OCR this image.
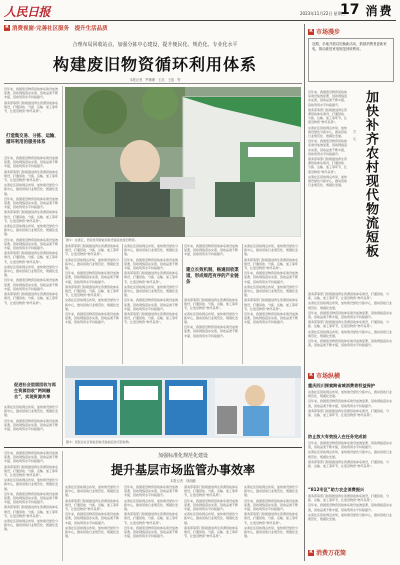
人民日报	2023年11月22日 星期三
17 消费
R 消费视窗·完善社区服务　提升生活品质
合理布局回收站点，加强分拣中心建设，提升便民化、规范化、专业化水平
构建废旧物资循环利用体系
本报记者　罗珊珊　王浩　王振　等

近年来，我国废旧物资回收体系建设成效显著，回收网络逐步完善，回收品类不断丰富，回收利用水平持续提升。

商务部等部门积极推进再生资源回收体系建设，打通回收、分拣、运输、加工等环节，让废旧物资“物尽其用”。

打造集交易、分拣、运输、循环利用的服务体系

近年来，我国废旧物资回收体系建设成效显著，回收网络逐步完善，回收品类不断丰富，回收利用水平持续提升。

商务部等部门积极推进再生资源回收体系建设，打通回收、分拣、运输、加工等环节，让废旧物资“物尽其用”。

完善社区回收网点布局，加快建设绿色分拣中心，推动回收行业规范化、规模化发展。

近年来，我国废旧物资回收体系建设成效显著，回收网络逐步完善，回收品类不断丰富，回收利用水平持续提升。

商务部等部门积极推进再生资源回收体系建设，打通回收、分拣、运输、加工等环节，让废旧物资“物尽其用”。

完善社区回收网点布局，加快建设绿色分拣中心，推动回收行业规范化、规模化发展。

近年来，我国废旧物资回收体系建设成效显著，回收网络逐步完善，回收品类不断丰富，回收利用水平持续提升。

商务部等部门积极推进再生资源回收体系建设，打通回收、分拣、运输、加工等环节，让废旧物资“物尽其用”。

完善社区回收网点布局，加快建设绿色分拣中心，推动回收行业规范化、规模化发展。

近年来，我国废旧物资回收体系建设成效显著，回收网络逐步完善，回收品类不断丰富，回收利用水平持续提升。

商务部等部门积极推进再生资源回收体系建设，打通回收、分拣、运输、加工等环节，让废旧物资“物尽其用”。

促进社会层面回收与再生资源回收“两网融合”，实现资源共享

完善社区回收网点布局，加快建设绿色分拣中心，推动回收行业规范化、规模化发展。

近年来，我国废旧物资回收体系建设成效显著，回收网络逐步完善，回收品类不断丰富，回收利用水平持续提升。

图①：在浙江，居民使用智能回收设备投放废旧物资。

商务部等部门积极推进再生资源回收体系建设，打通回收、分拣、运输、加工等环节，让废旧物资“物尽其用”。

完善社区回收网点布局，加快建设绿色分拣中心，推动回收行业规范化、规模化发展。

近年来，我国废旧物资回收体系建设成效显著，回收网络逐步完善，回收品类不断丰富，回收利用水平持续提升。

商务部等部门积极推进再生资源回收体系建设，打通回收、分拣、运输、加工等环节，让废旧物资“物尽其用”。

完善社区回收网点布局，加快建设绿色分拣中心，推动回收行业规范化、规模化发展。

近年来，我国废旧物资回收体系建设成效显著，回收网络逐步完善，回收品类不断丰富，回收利用水平持续提升。

完善社区回收网点布局，加快建设绿色分拣中心，推动回收行业规范化、规模化发展。

近年来，我国废旧物资回收体系建设成效显著，回收网络逐步完善，回收品类不断丰富，回收利用水平持续提升。

商务部等部门积极推进再生资源回收体系建设，打通回收、分拣、运输、加工等环节，让废旧物资“物尽其用”。

完善社区回收网点布局，加快建设绿色分拣中心，推动回收行业规范化、规模化发展。

近年来，我国废旧物资回收体系建设成效显著，回收网络逐步完善，回收品类不断丰富，回收利用水平持续提升。

商务部等部门积极推进再生资源回收体系建设，打通回收、分拣、运输、加工等环节，让废旧物资“物尽其用”。

建立长效机制，畅通回收渠道，形成规范有序的产业链条

近年来，我国废旧物资回收体系建设成效显著，回收网络逐步完善，回收品类不断丰富，回收利用水平持续提升。

商务部等部门积极推进再生资源回收体系建设，打通回收、分拣、运输、加工等环节，让废旧物资“物尽其用”。

完善社区回收网点布局，加快建设绿色分拣中心，推动回收行业规范化、规模化发展。

近年来，我国废旧物资回收体系建设成效显著，回收网络逐步完善，回收品类不断丰富，回收利用水平持续提升。

完善社区回收网点布局，加快建设绿色分拣中心，推动回收行业规范化、规模化发展。

商务部等部门积极推进再生资源回收体系建设，打通回收、分拣、运输、加工等环节，让废旧物资“物尽其用”。

近年来，我国废旧物资回收体系建设成效显著，回收网络逐步完善，回收品类不断丰富，回收利用水平持续提升。

完善社区回收网点布局，加快建设绿色分拣中心，推动回收行业规范化、规模化发展。

商务部等部门积极推进再生资源回收体系建设，打通回收、分拣、运输、加工等环节，让废旧物资“物尽其用”。

近年来，我国废旧物资回收体系建设成效显著，回收网络逐步完善，回收品类不断丰富，回收利用水平持续提升。

图②：居民在社区智能回收设备前投放可回收物。

近年来，我国废旧物资回收体系建设成效显著，回收网络逐步完善，回收品类不断丰富，回收利用水平持续提升。

商务部等部门积极推进再生资源回收体系建设，打通回收、分拣、运输、加工等环节，让废旧物资“物尽其用”。

完善社区回收网点布局，加快建设绿色分拣中心，推动回收行业规范化、规模化发展。

近年来，我国废旧物资回收体系建设成效显著，回收网络逐步完善，回收品类不断丰富，回收利用水平持续提升。

商务部等部门积极推进再生资源回收体系建设，打通回收、分拣、运输、加工等环节，让废旧物资“物尽其用”。

完善社区回收网点布局，加快建设绿色分拣中心，推动回收行业规范化、规模化发展。

加强标准化规范化建设
提升基层市场监管办事效率
本报记者　林丽鹂

完善社区回收网点布局，加快建设绿色分拣中心，推动回收行业规范化、规模化发展。

商务部等部门积极推进再生资源回收体系建设，打通回收、分拣、运输、加工等环节，让废旧物资“物尽其用”。

近年来，我国废旧物资回收体系建设成效显著，回收网络逐步完善，回收品类不断丰富，回收利用水平持续提升。

完善社区回收网点布局，加快建设绿色分拣中心，推动回收行业规范化、规模化发展。

近年来，我国废旧物资回收体系建设成效显著，回收网络逐步完善，回收品类不断丰富，回收利用水平持续提升。

完善社区回收网点布局，加快建设绿色分拣中心，推动回收行业规范化、规模化发展。

商务部等部门积极推进再生资源回收体系建设，打通回收、分拣、运输、加工等环节，让废旧物资“物尽其用”。

近年来，我国废旧物资回收体系建设成效显著，回收网络逐步完善，回收品类不断丰富，回收利用水平持续提升。

商务部等部门积极推进再生资源回收体系建设，打通回收、分拣、运输、加工等环节，让废旧物资“物尽其用”。

近年来，我国废旧物资回收体系建设成效显著，回收网络逐步完善，回收品类不断丰富，回收利用水平持续提升。

完善社区回收网点布局，加快建设绿色分拣中心，推动回收行业规范化、规模化发展。

商务部等部门积极推进再生资源回收体系建设，打通回收、分拣、运输、加工等环节，让废旧物资“物尽其用”。

完善社区回收网点布局，加快建设绿色分拣中心，推动回收行业规范化、规模化发展。

近年来，我国废旧物资回收体系建设成效显著，回收网络逐步完善，回收品类不断丰富，回收利用水平持续提升。

商务部等部门积极推进再生资源回收体系建设，打通回收、分拣、运输、加工等环节，让废旧物资“物尽其用”。

完善社区回收网点布局，加快建设绿色分拣中心，推动回收行业规范化、规模化发展。

R 市场漫步
近期，多地开展以旧换新活动，鼓励消费者更新家电，推动废旧家电规范回收利用。
加快补齐农村现代物流短板
方　元

近年来，我国废旧物资回收体系建设成效显著，回收网络逐步完善，回收品类不断丰富，回收利用水平持续提升。

商务部等部门积极推进再生资源回收体系建设，打通回收、分拣、运输、加工等环节，让废旧物资“物尽其用”。

完善社区回收网点布局，加快建设绿色分拣中心，推动回收行业规范化、规模化发展。

近年来，我国废旧物资回收体系建设成效显著，回收网络逐步完善，回收品类不断丰富，回收利用水平持续提升。

商务部等部门积极推进再生资源回收体系建设，打通回收、分拣、运输、加工等环节，让废旧物资“物尽其用”。

完善社区回收网点布局，加快建设绿色分拣中心，推动回收行业规范化、规模化发展。

商务部等部门积极推进再生资源回收体系建设，打通回收、分拣、运输、加工等环节，让废旧物资“物尽其用”。

完善社区回收网点布局，加快建设绿色分拣中心，推动回收行业规范化、规模化发展。

近年来，我国废旧物资回收体系建设成效显著，回收网络逐步完善，回收品类不断丰富，回收利用水平持续提升。

商务部等部门积极推进再生资源回收体系建设，打通回收、分拣、运输、加工等环节，让废旧物资“物尽其用”。

完善社区回收网点布局，加快建设绿色分拣中心，推动回收行业规范化、规模化发展。

近年来，我国废旧物资回收体系建设成效显著，回收网络逐步完善，回收品类不断丰富，回收利用水平持续提升。

R 市场纵横
重庆四川探索跨省域消费者权益保护

完善社区回收网点布局，加快建设绿色分拣中心，推动回收行业规范化、规模化发展。

近年来，我国废旧物资回收体系建设成效显著，回收网络逐步完善，回收品类不断丰富，回收利用水平持续提升。

商务部等部门积极推进再生资源回收体系建设，打通回收、分拣、运输、加工等环节，让废旧物资“物尽其用”。

防止放大有效投入在任务完成前

近年来，我国废旧物资回收体系建设成效显著，回收网络逐步完善，回收品类不断丰富，回收利用水平持续提升。

完善社区回收网点布局，加快建设绿色分拣中心，推动回收行业规范化、规模化发展。

商务部等部门积极推进再生资源回收体系建设，打通回收、分拣、运输、加工等环节，让废旧物资“物尽其用”。

“812专区”助力农企消费振兴

商务部等部门积极推进再生资源回收体系建设，打通回收、分拣、运输、加工等环节，让废旧物资“物尽其用”。

近年来，我国废旧物资回收体系建设成效显著，回收网络逐步完善，回收品类不断丰富，回收利用水平持续提升。

完善社区回收网点布局，加快建设绿色分拣中心，推动回收行业规范化、规模化发展。

R 消费万花筒
